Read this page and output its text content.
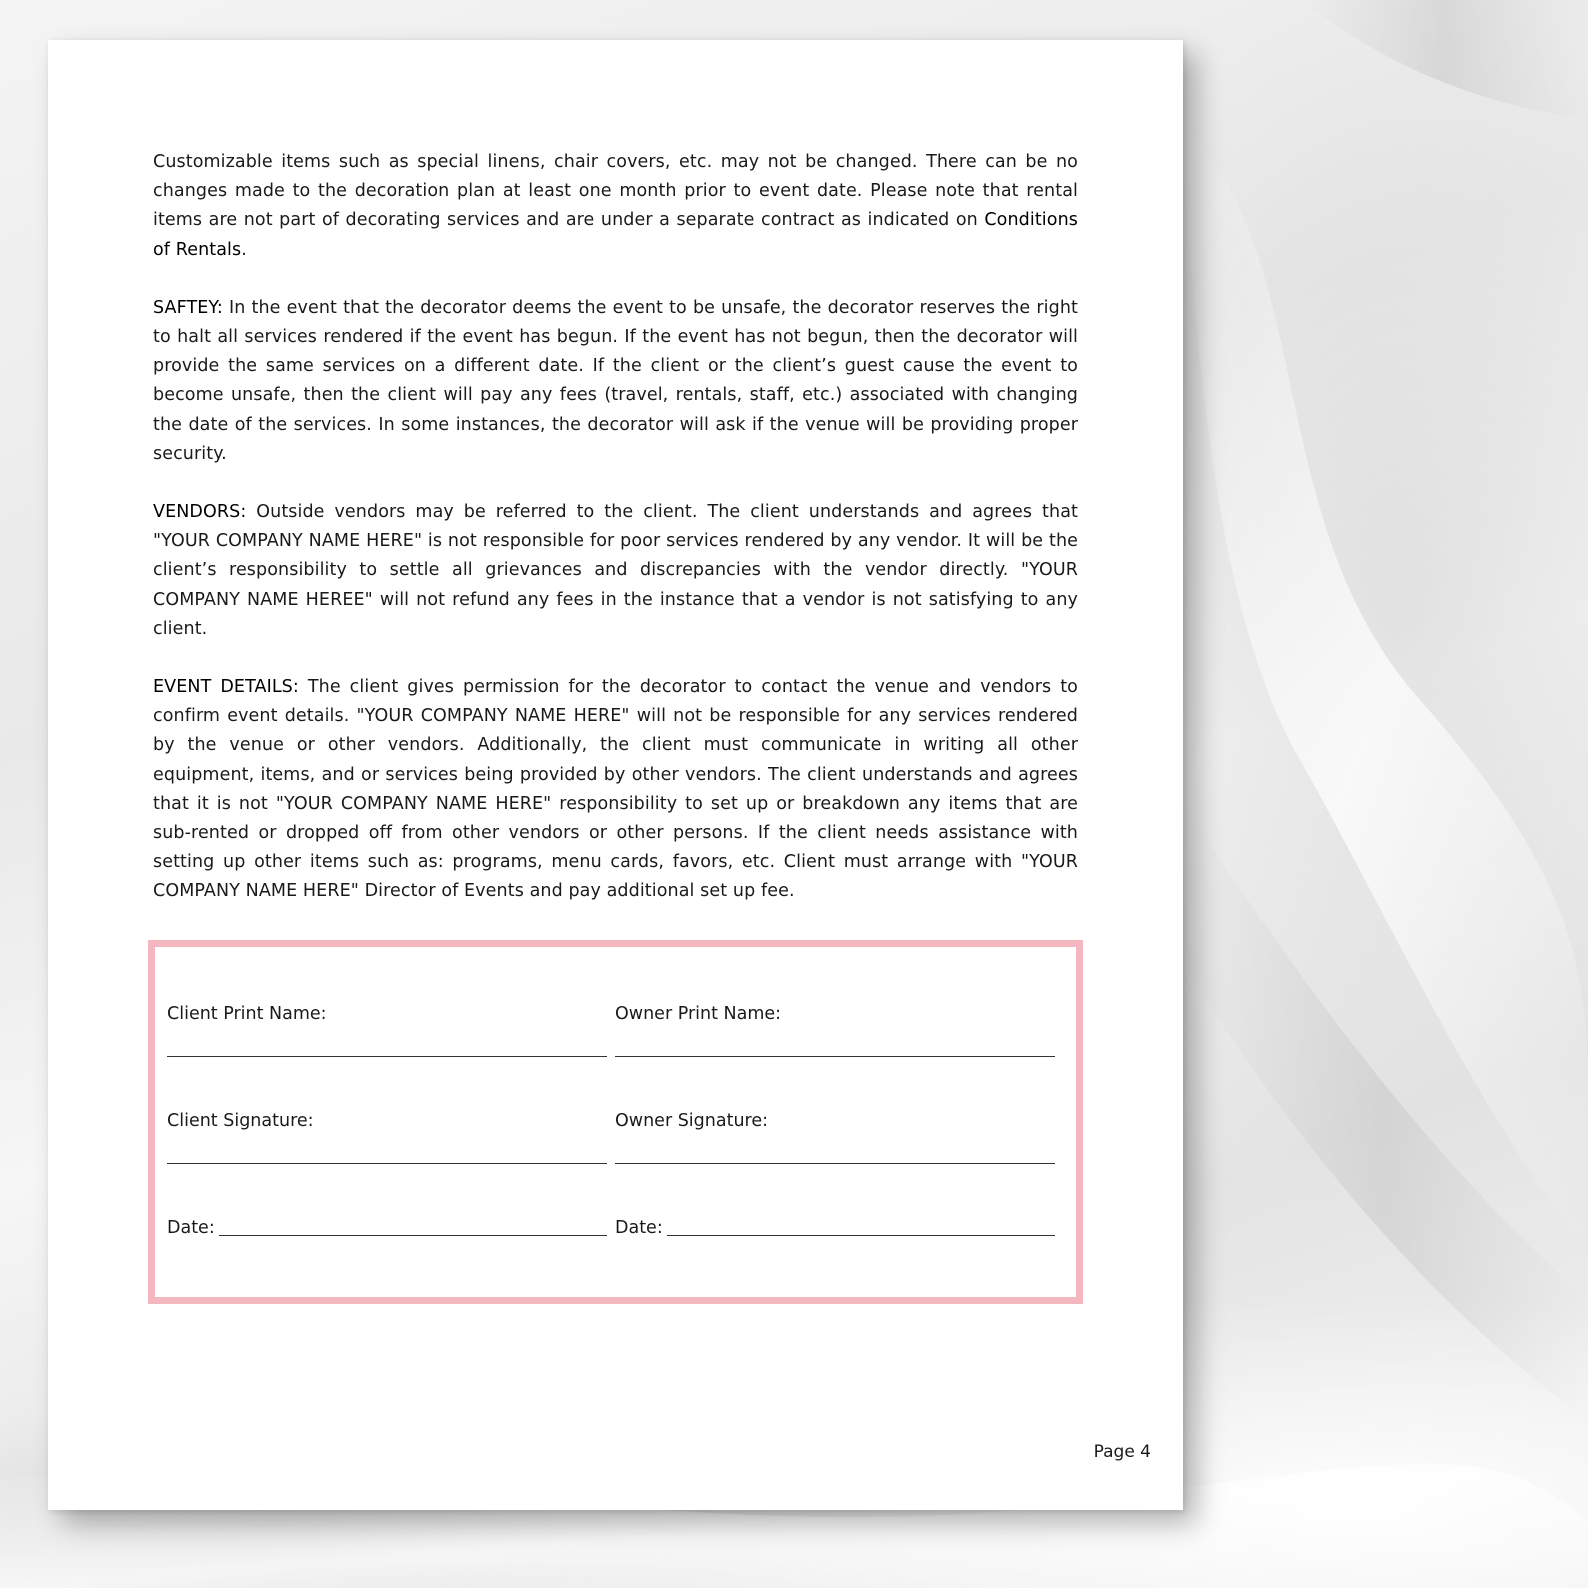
Customizable items such as special linens, chair covers, etc. may not be changed. There can be no changes made to the decoration plan at least one month prior to event date. Please note that rental items are not part of decorating services and are under a separate contract as indicated on Conditions of Rentals.

SAFTEY: In the event that the decorator deems the event to be unsafe, the decorator reserves the right to halt all services rendered if the event has begun. If the event has not begun, then the decorator will provide the same services on a different date. If the client or the client’s guest cause the event to become unsafe, then the client will pay any fees (travel, rentals, staff, etc.) associated with changing the date of the services. In some instances, the decorator will ask if the venue will be providing proper security.

VENDORS: Outside vendors may be referred to the client. The client understands and agrees that "YOUR COMPANY NAME HERE" is not responsible for poor services rendered by any vendor. It will be the client’s responsibility to settle all grievances and discrepancies with the vendor directly. "YOUR COMPANY NAME HEREE" will not refund any fees in the instance that a vendor is not satisfying to any client.

EVENT DETAILS: The client gives permission for the decorator to contact the venue and vendors to confirm event details. "YOUR COMPANY NAME HERE" will not be responsible for any services rendered by the venue or other vendors. Additionally, the client must communicate in writing all other equipment, items, and or services being provided by other vendors. The client understands and agrees that it is not "YOUR COMPANY NAME HERE" responsibility to set up or breakdown any items that are sub-rented or dropped off from other vendors or other persons. If the client needs assistance with setting up other items such as: programs, menu cards, favors, etc. Client must arrange with "YOUR COMPANY NAME HERE" Director of Events and pay additional set up fee.

Client Print Name:
Client Signature:
Date:
Owner Print Name:
Owner Signature:
Date:
Page 4
